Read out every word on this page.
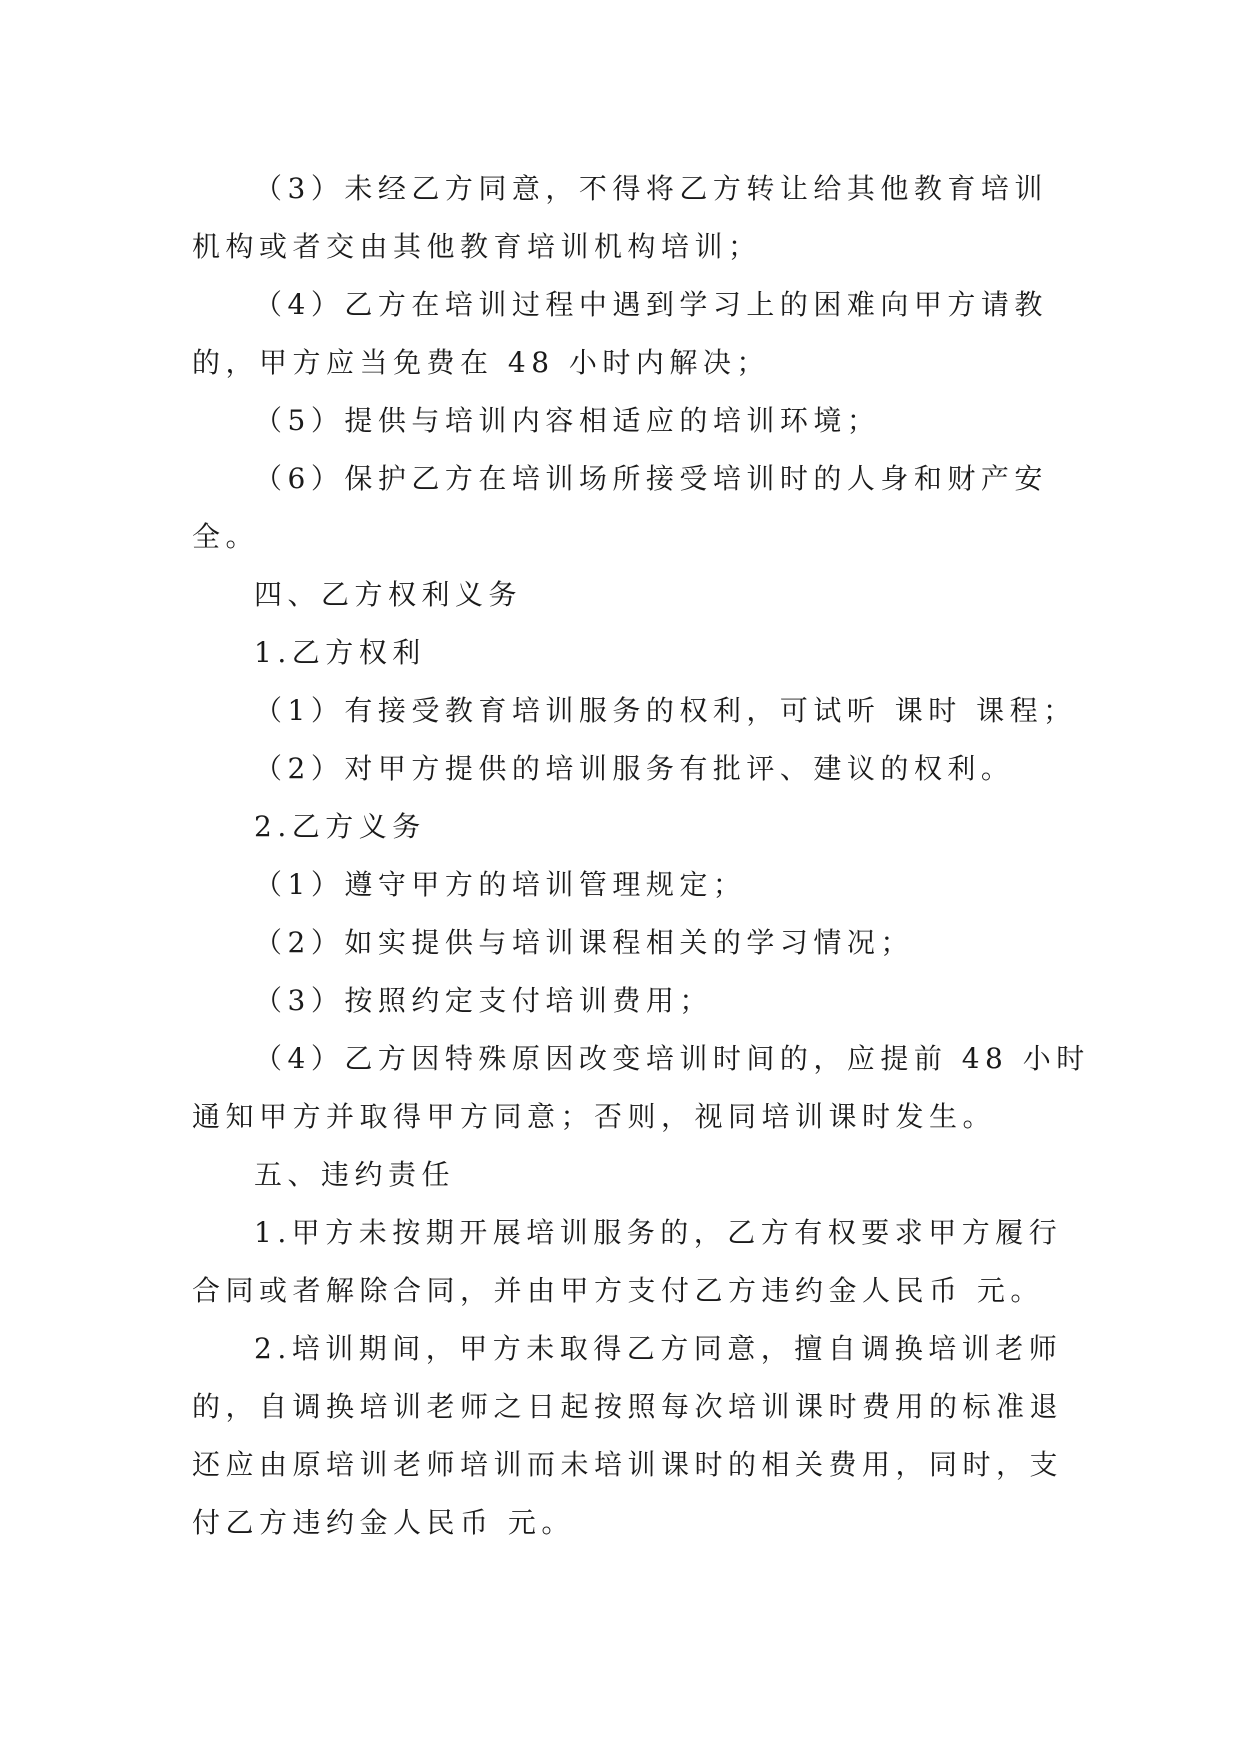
（3）未经乙方同意，不得将乙方转让给其他教育培训
机构或者交由其他教育培训机构培训；
（4）乙方在培训过程中遇到学习上的困难向甲方请教
的，甲方应当免费在 48 小时内解决；
（5）提供与培训内容相适应的培训环境；
（6）保护乙方在培训场所接受培训时的人身和财产安
全。
四、乙方权利义务
1.乙方权利
（1）有接受教育培训服务的权利，可试听 课时 课程；
（2）对甲方提供的培训服务有批评、建议的权利。
2.乙方义务
（1）遵守甲方的培训管理规定；
（2）如实提供与培训课程相关的学习情况；
（3）按照约定支付培训费用；
（4）乙方因特殊原因改变培训时间的，应提前 48 小时
通知甲方并取得甲方同意；否则，视同培训课时发生。
五、违约责任
1.甲方未按期开展培训服务的，乙方有权要求甲方履行
合同或者解除合同，并由甲方支付乙方违约金人民币 元。
2.培训期间，甲方未取得乙方同意，擅自调换培训老师
的，自调换培训老师之日起按照每次培训课时费用的标准退
还应由原培训老师培训而未培训课时的相关费用，同时，支
付乙方违约金人民币 元。
